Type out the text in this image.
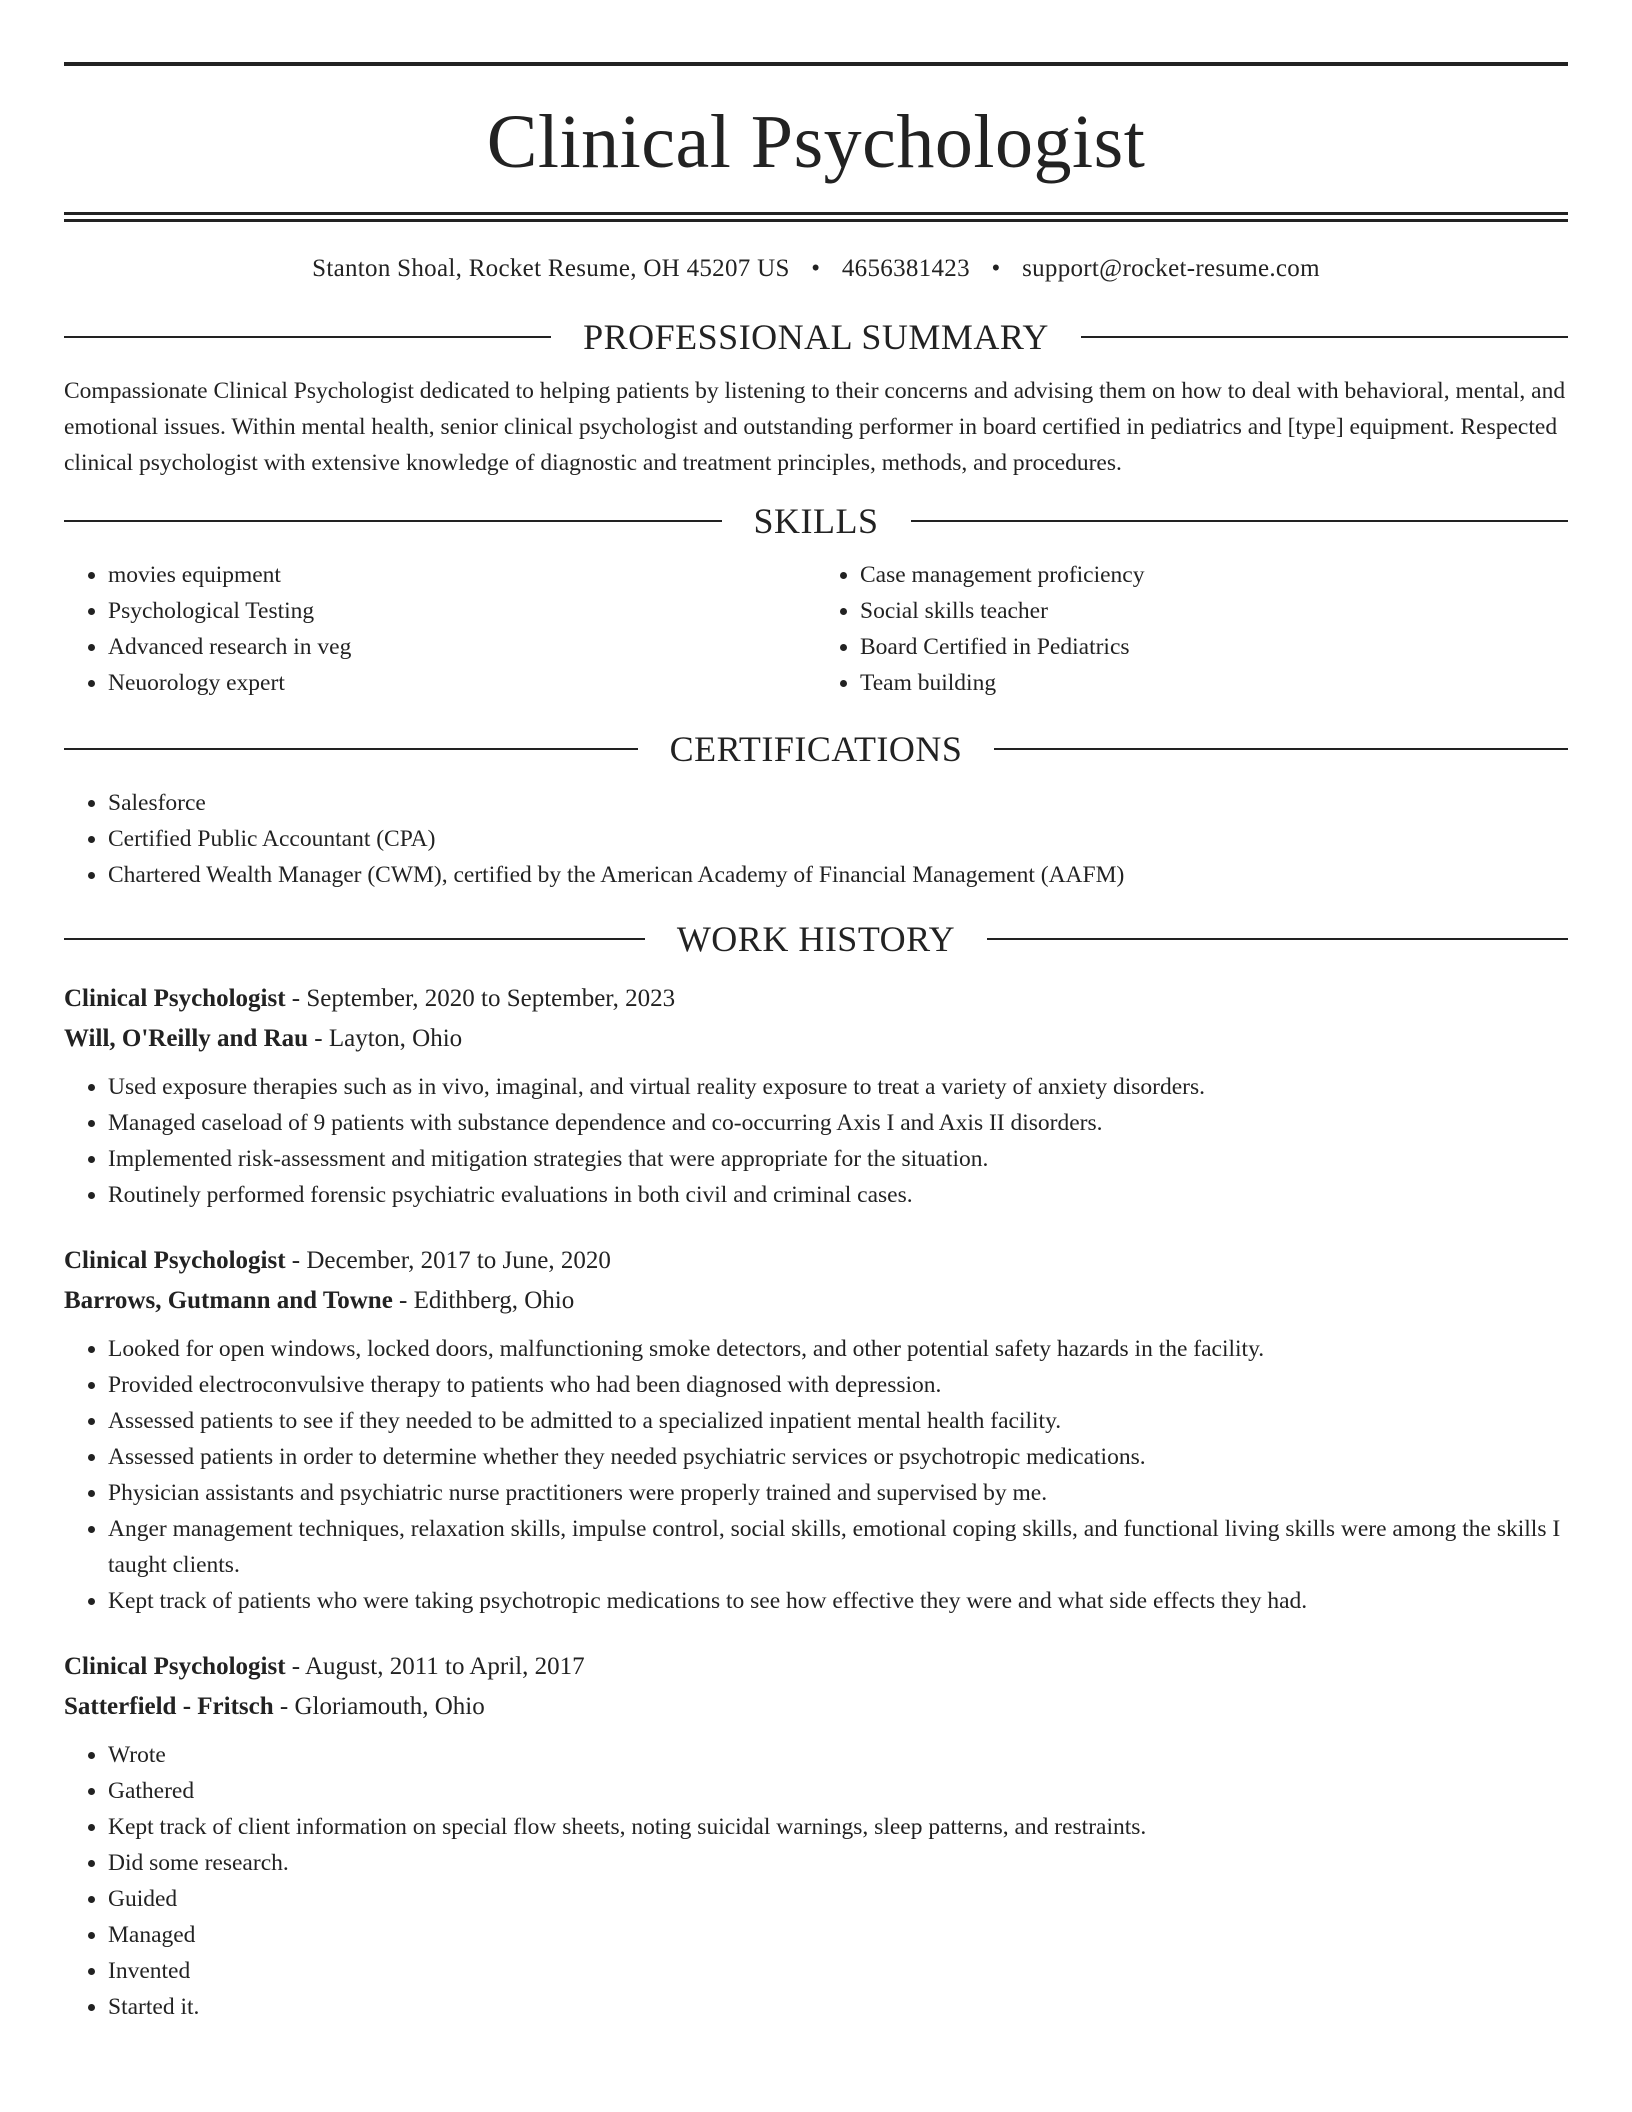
Clinical Psychologist
Stanton Shoal, Rocket Resume, OH 45207 US • 4656381423 • support@rocket-resume.com
PROFESSIONAL SUMMARY

Compassionate Clinical Psychologist dedicated to helping patients by listening to their concerns and advising them on how to deal with behavioral, mental, and emotional issues. Within mental health, senior clinical psychologist and outstanding performer in board certified in pediatrics and [type] equipment. Respected clinical psychologist with extensive knowledge of diagnostic and treatment principles, methods, and procedures.

SKILLS
• movies equipment
• Psychological Testing
• Advanced research in veg
• Neuorology expert
• Case management proficiency
• Social skills teacher
• Board Certified in Pediatrics
• Team building
CERTIFICATIONS
• Salesforce
• Certified Public Accountant (CPA)
• Chartered Wealth Manager (CWM), certified by the American Academy of Financial Management (AAFM)
WORK HISTORY
Clinical Psychologist - September, 2020 to September, 2023
Will, O'Reilly and Rau - Layton, Ohio
• Used exposure therapies such as in vivo, imaginal, and virtual reality exposure to treat a variety of anxiety disorders.
• Managed caseload of 9 patients with substance dependence and co-occurring Axis I and Axis II disorders.
• Implemented risk-assessment and mitigation strategies that were appropriate for the situation.
• Routinely performed forensic psychiatric evaluations in both civil and criminal cases.
Clinical Psychologist - December, 2017 to June, 2020
Barrows, Gutmann and Towne - Edithberg, Ohio
• Looked for open windows, locked doors, malfunctioning smoke detectors, and other potential safety hazards in the facility.
• Provided electroconvulsive therapy to patients who had been diagnosed with depression.
• Assessed patients to see if they needed to be admitted to a specialized inpatient mental health facility.
• Assessed patients in order to determine whether they needed psychiatric services or psychotropic medications.
• Physician assistants and psychiatric nurse practitioners were properly trained and supervised by me.
• Anger management techniques, relaxation skills, impulse control, social skills, emotional coping skills, and functional living skills were among the skills I taught clients.
• Kept track of patients who were taking psychotropic medications to see how effective they were and what side effects they had.
Clinical Psychologist - August, 2011 to April, 2017
Satterfield - Fritsch - Gloriamouth, Ohio
• Wrote
• Gathered
• Kept track of client information on special flow sheets, noting suicidal warnings, sleep patterns, and restraints.
• Did some research.
• Guided
• Managed
• Invented
• Started it.
